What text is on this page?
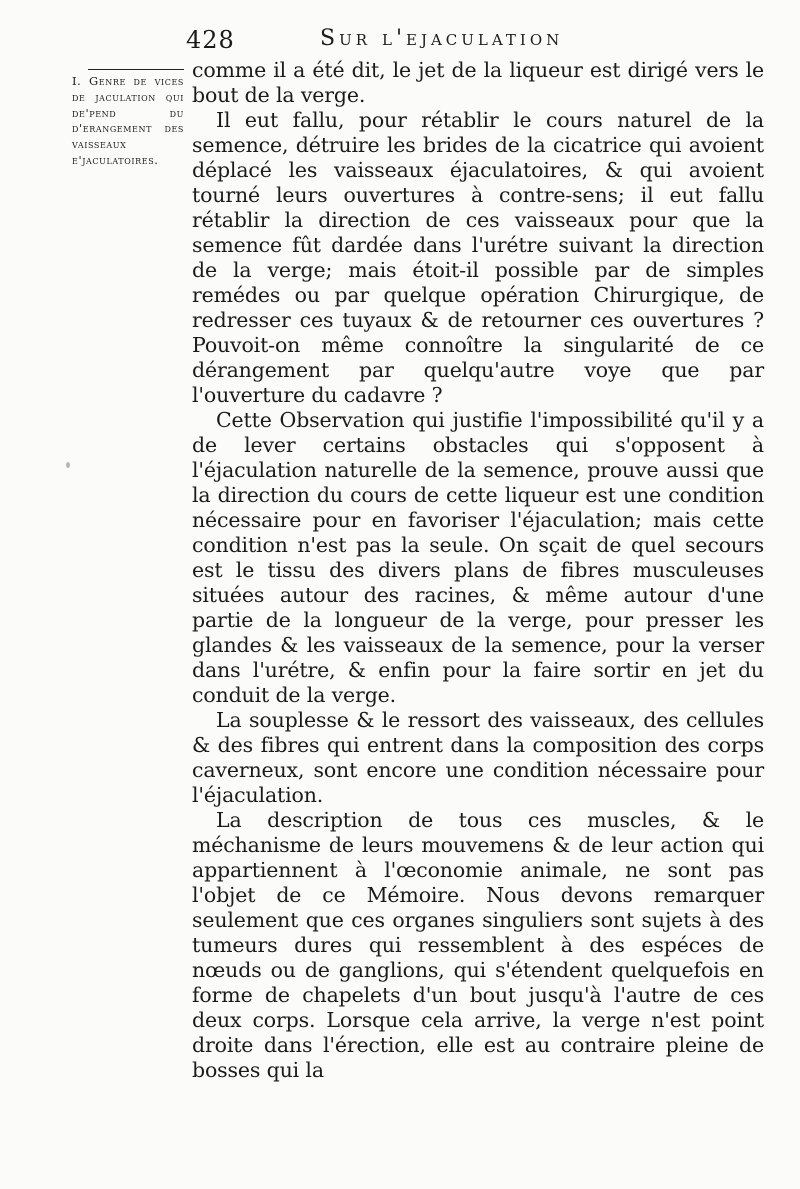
428	Sur l'ejaculation
I. Genre de vices de jaculation qui de'pend du d'erangement des vaisseaux e'jaculatoires.

comme il a été dit, le jet de la liqueur est dirigé vers le bout de la verge.

Il eut fallu, pour rétablir le cours naturel de la semence, détruire les brides de la cicatrice qui avoient déplacé les vaisseaux éjaculatoires, & qui avoient tourné leurs ouvertures à contre-sens; il eut fallu rétablir la direction de ces vaisseaux pour que la semence fût dardée dans l'urétre suivant la direction de la verge; mais étoit-il possible par de simples remédes ou par quelque opération Chirurgique, de redresser ces tuyaux & de retourner ces ouvertures ? Pouvoit-on même connoître la singularité de ce dérangement par quelqu'autre voye que par l'ouverture du cadavre ?

Cette Observation qui justifie l'impossibilité qu'il y a de lever certains obstacles qui s'opposent à l'éjaculation naturelle de la semence, prouve aussi que la direction du cours de cette liqueur est une condition nécessaire pour en favoriser l'éjaculation; mais cette condition n'est pas la seule. On sçait de quel secours est le tissu des divers plans de fibres musculeuses situées autour des racines, & même autour d'une partie de la longueur de la verge, pour presser les glandes & les vaisseaux de la semence, pour la verser dans l'urétre, & enfin pour la faire sortir en jet du conduit de la verge.

La souplesse & le ressort des vaisseaux, des cellules & des fibres qui entrent dans la composition des corps caverneux, sont encore une condition nécessaire pour l'éjaculation.

La description de tous ces muscles, & le méchanisme de leurs mouvemens & de leur action qui appartiennent à l'œconomie animale, ne sont pas l'objet de ce Mémoire. Nous devons remarquer seulement que ces organes singuliers sont sujets à des tumeurs dures qui ressemblent à des espéces de nœuds ou de ganglions, qui s'étendent quelquefois en forme de chapelets d'un bout jusqu'à l'autre de ces deux corps. Lorsque cela arrive, la verge n'est point droite dans l'érection, elle est au contraire pleine de bosses qui la
